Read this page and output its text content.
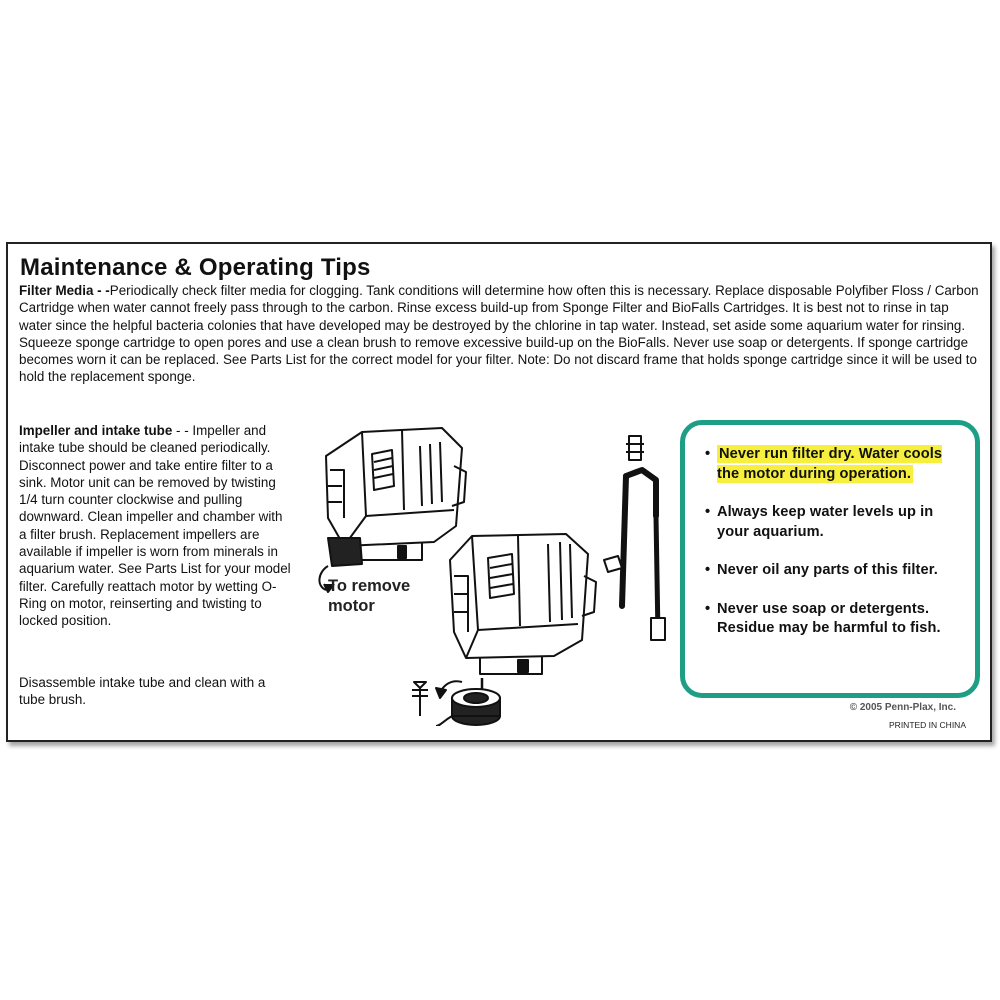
Maintenance & Operating Tips

Filter Media - -Periodically check filter media for clogging. Tank conditions will determine how often this is necessary. Replace disposable Polyfiber Floss / Carbon Cartridge when water cannot freely pass through to the carbon. Rinse excess build-up from Sponge Filter and BioFalls Cartridges. It is best not to rinse in tap water since the helpful bacteria colonies that have developed may be destroyed by the chlorine in tap water. Instead, set aside some aquarium water for rinsing. Squeeze sponge cartridge to open pores and use a clean brush to remove excessive build-up on the BioFalls. Never use soap or detergents. If sponge cartridge becomes worn it can be replaced. See Parts List for the correct model for your filter. Note: Do not discard frame that holds sponge cartridge since it will be used to hold the replacement sponge.

Impeller and intake tube - - Impeller and intake tube should be cleaned periodically. Disconnect power and take entire filter to a sink. Motor unit can be removed by twisting 1/4 turn counter clockwise and pulling downward. Clean impeller and chamber with a filter brush. Replacement impellers are available if impeller is worn from minerals in aquarium water. See Parts List for your model filter. Carefully reattach motor by wetting O-Ring on motor, reinserting and twisting to locked position.

Disassemble intake tube and clean with a tube brush.

To remove
motor
• Never run filter dry. Water cools the motor during operation.
• Always keep water levels up in your aquarium.
• Never oil any parts of this filter.
• Never use soap or detergents. Residue may be harmful to fish.
© 2005 Penn-Plax, Inc.
PRINTED IN CHINA
